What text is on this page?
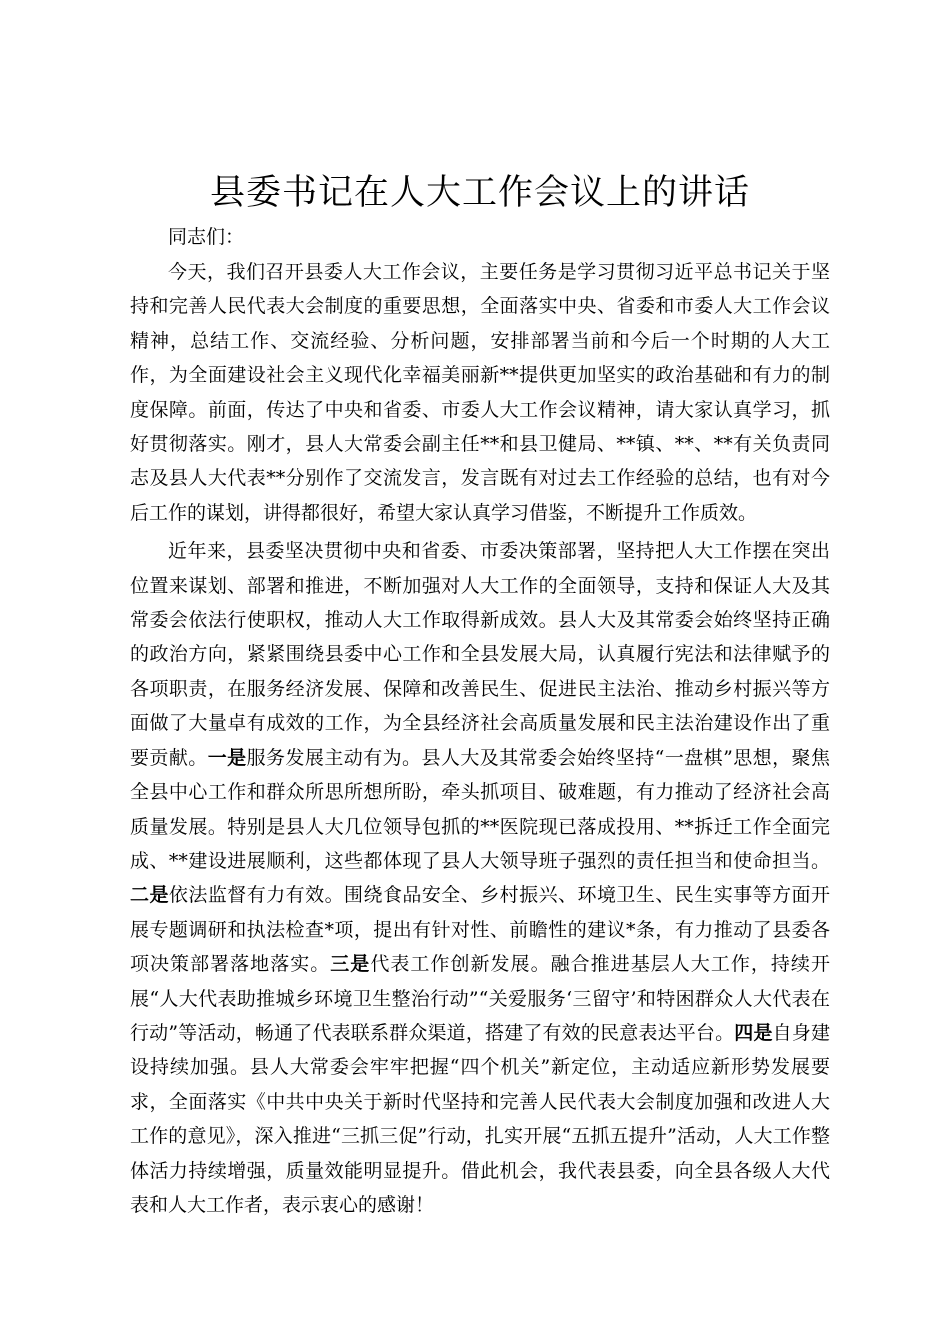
县委书记在人大工作会议上的讲话

同志们：

今天，我们召开县委人大工作会议，主要任务是学习贯彻习近平总书记关于坚持和完善人民代表大会制度的重要思想，全面落实中央、省委和市委人大工作会议精神，总结工作、交流经验、分析问题，安排部署当前和今后一个时期的人大工作，为全面建设社会主义现代化幸福美丽新**提供更加坚实的政治基础和有力的制度保障。前面，传达了中央和省委、市委人大工作会议精神，请大家认真学习，抓好贯彻落实。刚才，县人大常委会副主任**和县卫健局、**镇、**、**有关负责同志及县人大代表**分别作了交流发言，发言既有对过去工作经验的总结，也有对今后工作的谋划，讲得都很好，希望大家认真学习借鉴，不断提升工作质效。

近年来，县委坚决贯彻中央和省委、市委决策部署，坚持把人大工作摆在突出位置来谋划、部署和推进，不断加强对人大工作的全面领导，支持和保证人大及其常委会依法行使职权，推动人大工作取得新成效。县人大及其常委会始终坚持正确的政治方向，紧紧围绕县委中心工作和全县发展大局，认真履行宪法和法律赋予的各项职责，在服务经济发展、保障和改善民生、促进民主法治、推动乡村振兴等方面做了大量卓有成效的工作，为全县经济社会高质量发展和民主法治建设作出了重要贡献。一是服务发展主动有为。县人大及其常委会始终坚持“一盘棋”思想，聚焦全县中心工作和群众所思所想所盼，牵头抓项目、破难题，有力推动了经济社会高质量发展。特别是县人大几位领导包抓的**医院现已落成投用、**拆迁工作全面完成、**建设进展顺利，这些都体现了县人大领导班子强烈的责任担当和使命担当。二是依法监督有力有效。围绕食品安全、乡村振兴、环境卫生、民生实事等方面开展专题调研和执法检查*项，提出有针对性、前瞻性的建议*条，有力推动了县委各项决策部署落地落实。三是代表工作创新发展。融合推进基层人大工作，持续开展“人大代表助推城乡环境卫生整治行动”“关爱服务‘三留守’和特困群众人大代表在行动”等活动，畅通了代表联系群众渠道，搭建了有效的民意表达平台。四是自身建设持续加强。县人大常委会牢牢把握“四个机关”新定位，主动适应新形势发展要求，全面落实《中共中央关于新时代坚持和完善人民代表大会制度加强和改进人大工作的意见》，深入推进“三抓三促”行动，扎实开展“五抓五提升”活动，人大工作整体活力持续增强，质量效能明显提升。借此机会，我代表县委，向全县各级人大代表和人大工作者，表示衷心的感谢！
